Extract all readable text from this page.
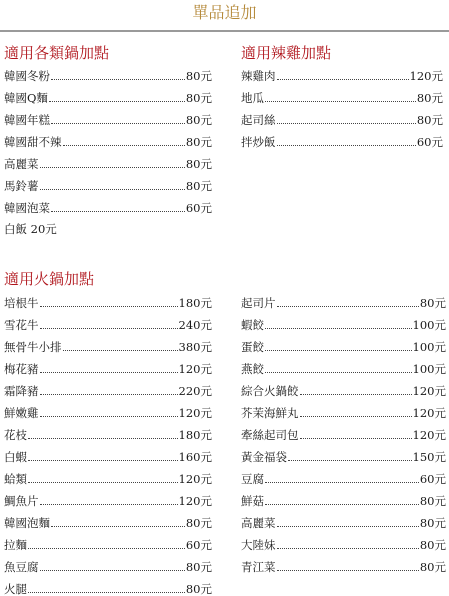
單品追加
適用各類鍋加點
韓國冬粉	80元
韓國Q麵	80元
韓國年糕	80元
韓國甜不辣	80元
高麗菜	80元
馬鈴薯	80元
韓國泡菜	60元
白飯 20元
適用辣雞加點
辣雞肉	120元
地瓜	80元
起司絲	80元
拌炒飯	60元
適用火鍋加點
培根牛	180元
雪花牛	240元
無骨牛小排	380元
梅花豬	120元
霜降豬	220元
鮮嫩雞	120元
花枝	180元
白蝦	160元
蛤類	120元
鯛魚片	120元
韓國泡麵	80元
拉麵	60元
魚豆腐	80元
火腿	80元
起司片	80元
蝦餃	100元
蛋餃	100元
燕餃	100元
綜合火鍋餃	120元
芥茉海鮮丸	120元
牽絲起司包	120元
黃金福袋	150元
豆腐	60元
鮮菇	80元
高麗菜	80元
大陸妹	80元
青江菜	80元
